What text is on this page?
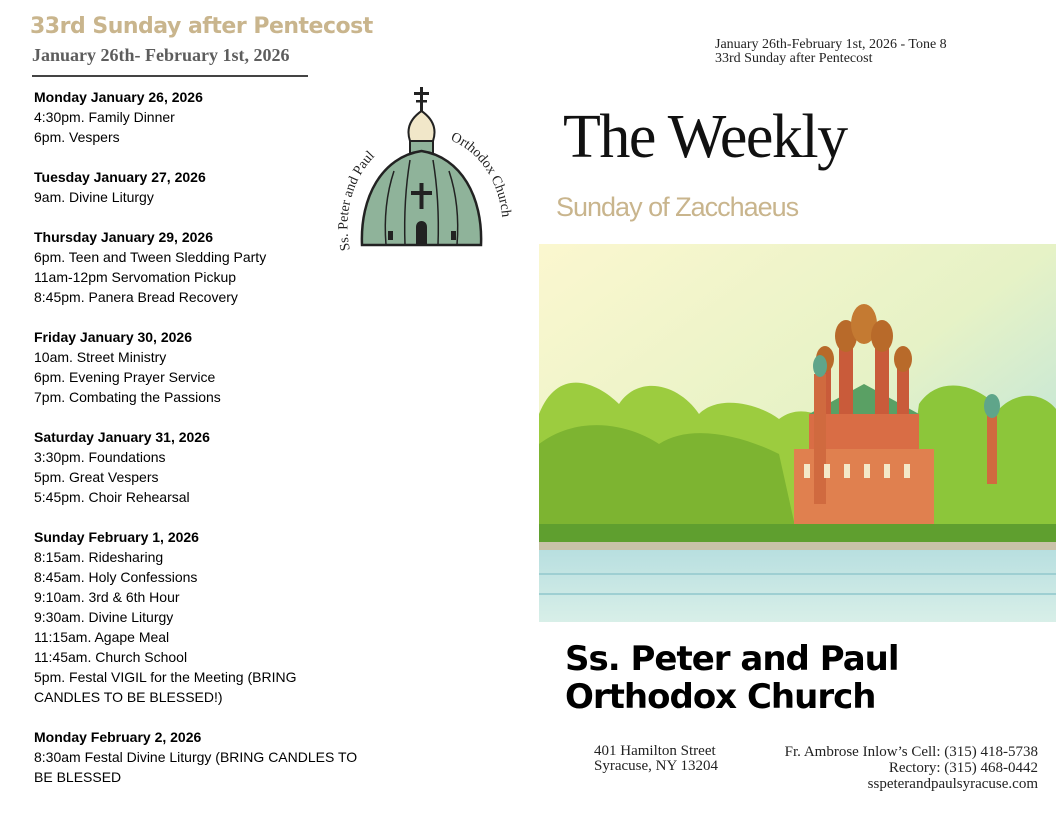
33rd Sunday after Pentecost
January 26th- February 1st, 2026
Monday January 26, 2026
4:30pm. Family Dinner
6pm. Vespers
Tuesday January 27, 2026
9am. Divine Liturgy
Thursday January 29, 2026
6pm. Teen and Tween Sledding Party
11am-12pm Servomation Pickup
8:45pm. Panera Bread Recovery
Friday January 30, 2026
10am. Street Ministry
6pm. Evening Prayer Service
7pm. Combating the Passions
Saturday January 31, 2026
3:30pm. Foundations
5pm. Great Vespers
5:45pm. Choir Rehearsal
Sunday February 1, 2026
8:15am. Ridesharing
8:45am. Holy Confessions
9:10am. 3rd & 6th Hour
9:30am. Divine Liturgy
11:15am. Agape Meal
11:45am. Church School
5pm. Festal VIGIL for the Meeting (BRING CANDLES TO BE BLESSED!)
Monday February 2, 2026
8:30am Festal Divine Liturgy (BRING CANDLES TO BE BLESSED
Ss. Peter and Paul
Orthodox Church
January 26th-February 1st, 2026 - Tone 8
33rd Sunday after Pentecost
The Weekly
Sunday of Zacchaeus
Ss. Peter and Paul
Orthodox Church
401 Hamilton Street
Syracuse, NY 13204
Fr. Ambrose Inlow’s Cell: (315) 418-5738
Rectory: (315) 468-0442
sspeterandpaulsyracuse.com
